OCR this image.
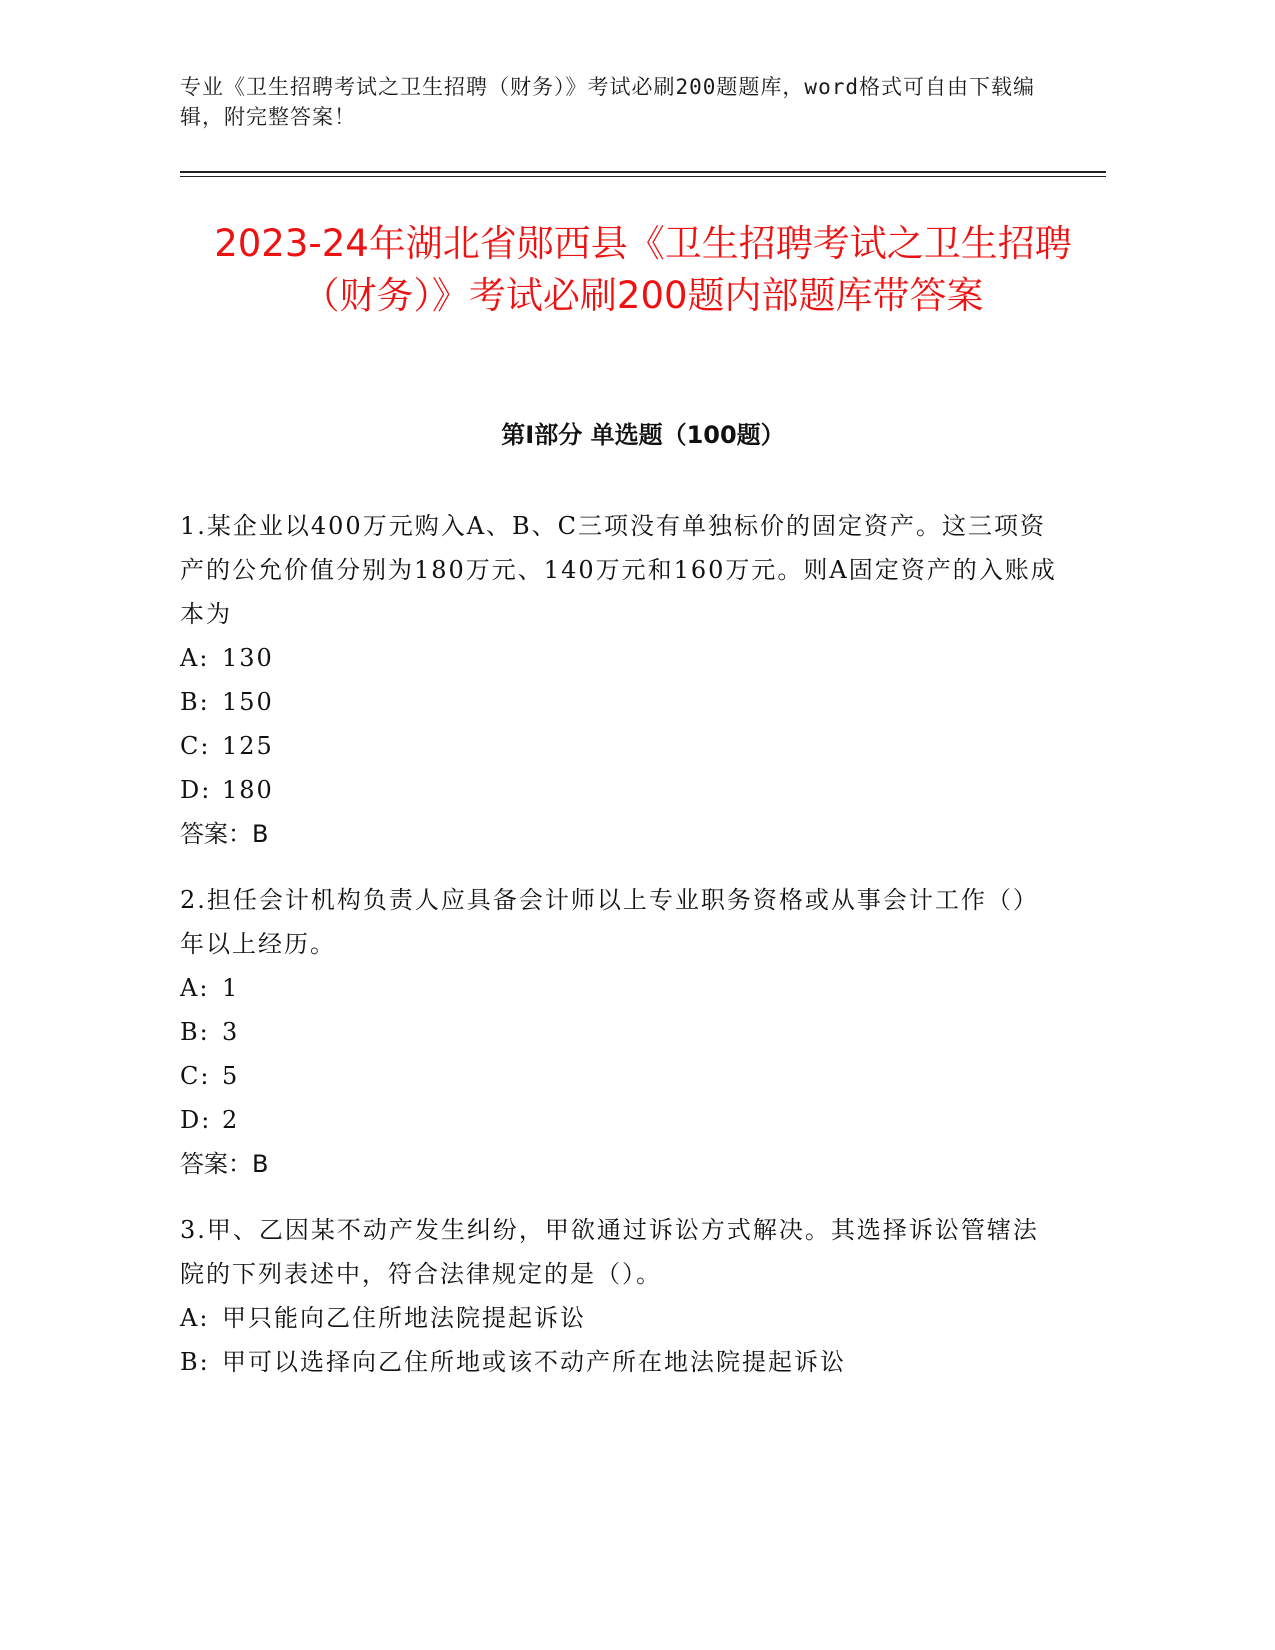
专业《卫生招聘考试之卫生招聘（财务）》考试必刷200题题库，word格式可自由下载编辑，附完整答案！
2023-24年湖北省郧西县《卫生招聘考试之卫生招聘（财务）》考试必刷200题内部题库带答案
第Ⅰ部分 单选题（100题）

1.某企业以400万元购入A、B、C三项没有单独标价的固定资产。这三项资产的公允价值分别为180万元、140万元和160万元。则A固定资产的入账成本为

A: 130

B: 150

C: 125

D: 180

答案：B

2.担任会计机构负责人应具备会计师以上专业职务资格或从事会计工作（）年以上经历。

A: 1

B: 3

C: 5

D: 2

答案：B

3.甲、乙因某不动产发生纠纷，甲欲通过诉讼方式解决。其选择诉讼管辖法院的下列表述中，符合法律规定的是（）。

A: 甲只能向乙住所地法院提起诉讼

B: 甲可以选择向乙住所地或该不动产所在地法院提起诉讼
